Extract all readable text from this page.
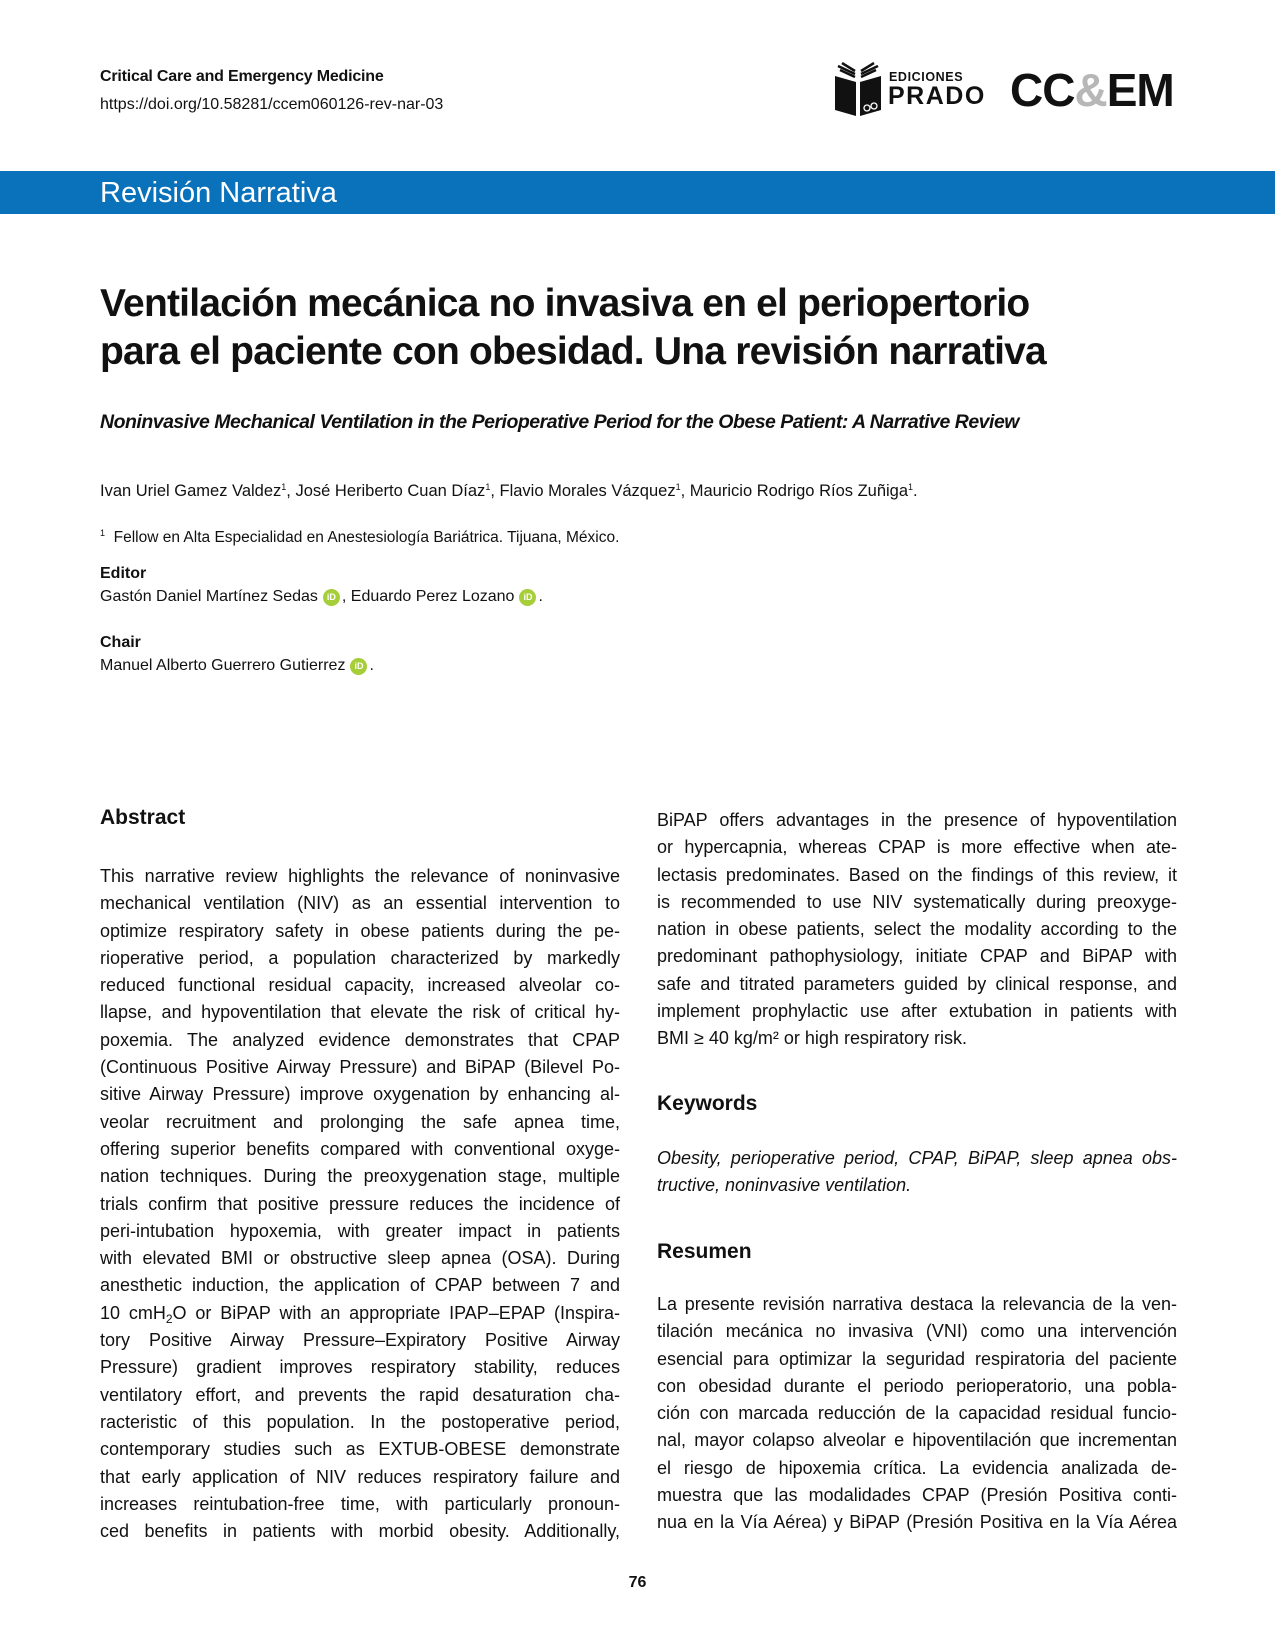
Critical Care and Emergency Medicine
https://doi.org/10.58281/ccem060126-rev-nar-03
EDICIONES
PRADO CC&EM
Revisión Narrativa
Ventilación mecánica no invasiva en el periopertorio
para el paciente con obesidad. Una revisión narrativa
Noninvasive Mechanical Ventilation in the Perioperative Period for the Obese Patient: A Narrative Review
Ivan Uriel Gamez Valdez$^1$, José Heriberto Cuan Díaz$^1$, Flavio Morales Vázquez$^1$, Mauricio Rodrigo Ríos Zuñiga$^1$.
$^1$ Fellow en Alta Especialidad en Anestesiología Bariátrica. Tijuana, México.
Editor
Gastón Daniel Martínez Sedas	iD , Eduardo Perez Lozano	iD .
Chair
Manuel Alberto Guerrero Gutierrez	iD .
Abstract
This narrative review highlights the relevance of noninvasive
mechanical ventilation (NIV) as an essential intervention to
optimize respiratory safety in obese patients during the pe-
rioperative period, a population characterized by markedly
reduced functional residual capacity, increased alveolar co-
llapse, and hypoventilation that elevate the risk of critical hy-
poxemia. The analyzed evidence demonstrates that CPAP
(Continuous Positive Airway Pressure) and BiPAP (Bilevel Po-
sitive Airway Pressure) improve oxygenation by enhancing al-
veolar recruitment and prolonging the safe apnea time,
offering superior benefits compared with conventional oxyge-
nation techniques. During the preoxygenation stage, multiple
trials confirm that positive pressure reduces the incidence of
peri-intubation hypoxemia, with greater impact in patients
with elevated BMI or obstructive sleep apnea (OSA). During
anesthetic induction, the application of CPAP between 7 and
10 cmH$_2$O or BiPAP with an appropriate IPAP–EPAP (Inspira-
tory Positive Airway Pressure–Expiratory Positive Airway
Pressure) gradient improves respiratory stability, reduces
ventilatory effort, and prevents the rapid desaturation cha-
racteristic of this population. In the postoperative period,
contemporary studies such as EXTUB-OBESE demonstrate
that early application of NIV reduces respiratory failure and
increases reintubation-free time, with particularly pronoun-
ced benefits in patients with morbid obesity. Additionally,
BiPAP offers advantages in the presence of hypoventilation
or hypercapnia, whereas CPAP is more effective when ate-
lectasis predominates. Based on the findings of this review, it
is recommended to use NIV systematically during preoxyge-
nation in obese patients, select the modality according to the
predominant pathophysiology, initiate CPAP and BiPAP with
safe and titrated parameters guided by clinical response, and
implement prophylactic use after extubation in patients with
BMI ≥ 40 kg/m² or high respiratory risk.
Keywords
Obesity, perioperative period, CPAP, BiPAP, sleep apnea obs-
tructive, noninvasive ventilation.
Resumen
La presente revisión narrativa destaca la relevancia de la ven-
tilación mecánica no invasiva (VNI) como una intervención
esencial para optimizar la seguridad respiratoria del paciente
con obesidad durante el periodo perioperatorio, una pobla-
ción con marcada reducción de la capacidad residual funcio-
nal, mayor colapso alveolar e hipoventilación que incrementan
el riesgo de hipoxemia crítica. La evidencia analizada de-
muestra que las modalidades CPAP (Presión Positiva conti-
nua en la Vía Aérea) y BiPAP (Presión Positiva en la Vía Aérea
76
